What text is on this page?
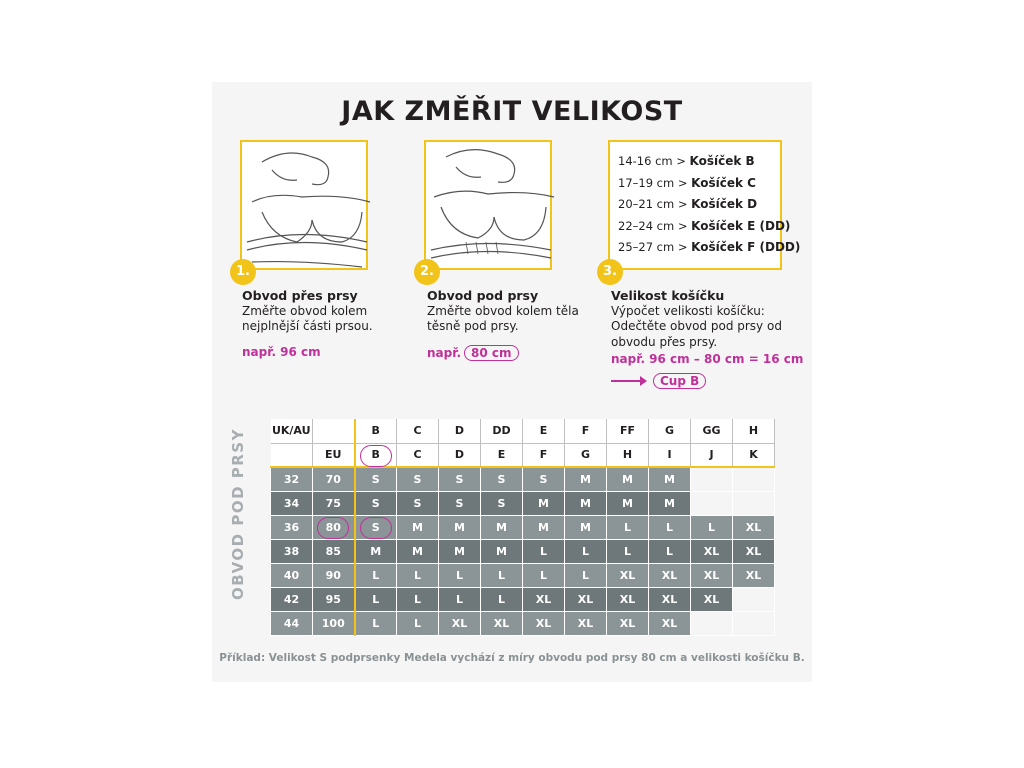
JAK ZMĚŘIT VELIKOST
14-16 cm > Košíček B
17–19 cm > Košíček C
20–21 cm > Košíček D
22–24 cm > Košíček E (DD)
25–27 cm > Košíček F (DDD)
1.	2.	3.
Obvod přes prsy
Změřte obvod kolem nejplnější části prsou.
např. 96 cm
Obvod pod prsy
Změřte obvod kolem těla těsně pod prsy.
např. 80 cm
Velikost košíčku
Výpočet velikosti košíčku: Odečtěte obvod pod prsy od obvodu přes prsy.
např. 96 cm – 80 cm = 16 cm
Cup B
OBVOD POD PRSY UK/AU		B	C	D	DD	E	F	FF	G	GG	H
	EU	B	C	D	E	F	G	H	I	J	K
32	70	S	S	S	S	S	M	M	M		
34	75	S	S	S	S	M	M	M	M		
36	80	S	M	M	M	M	M	L	L	L	XL
38	85	M	M	M	M	L	L	L	L	XL	XL
40	90	L	L	L	L	L	L	XL	XL	XL	XL
42	95	L	L	L	L	XL	XL	XL	XL	XL	
44	100	L	L	XL	XL	XL	XL	XL	XL		
Příklad: Velikost S podprsenky Medela vychází z míry obvodu pod prsy 80 cm a velikosti košíčku B.
